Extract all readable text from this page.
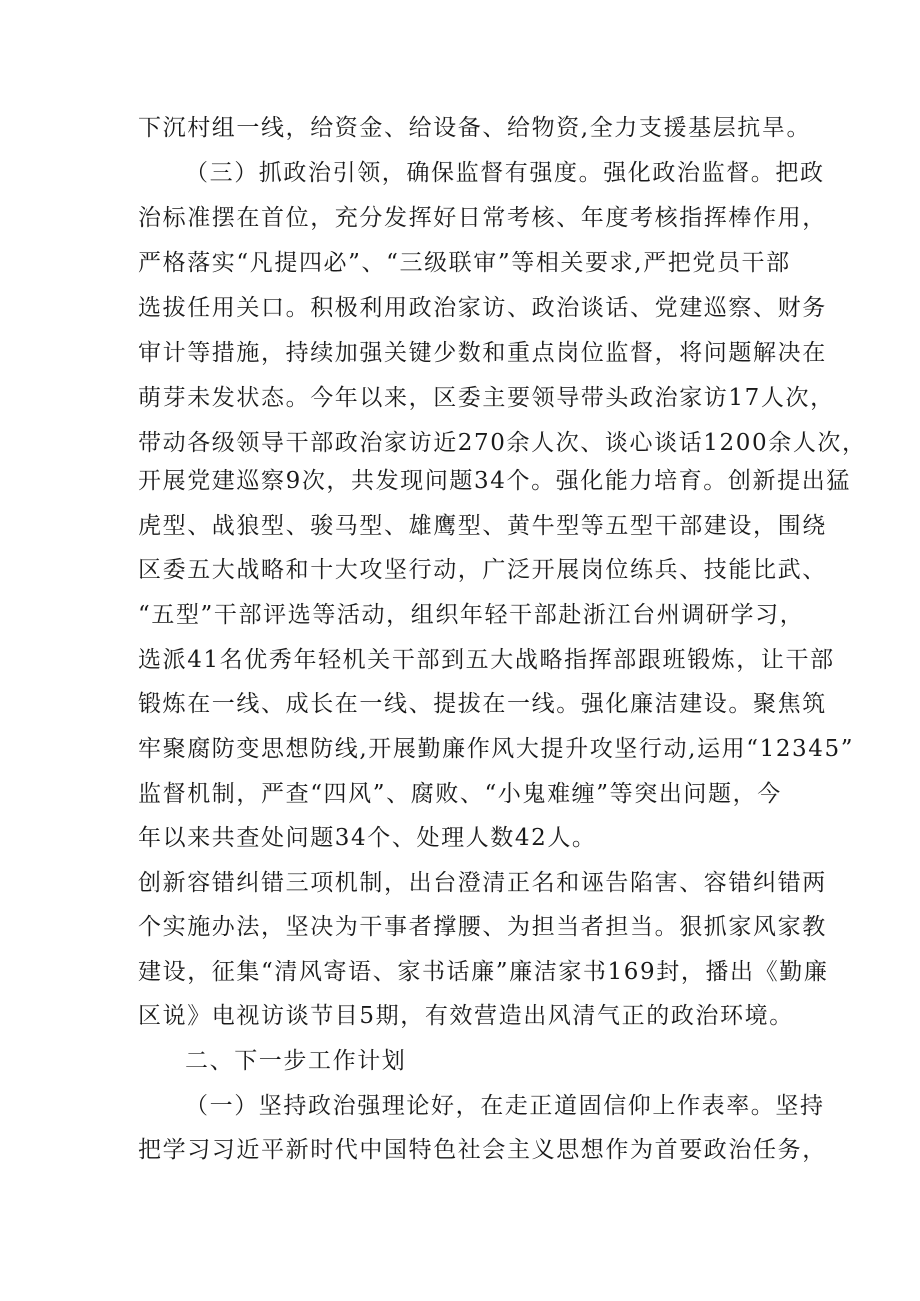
下沉村组一线，给资金、给设备、给物资,全力支援基层抗旱。
（三）抓政治引领，确保监督有强度。强化政治监督。把政
治标准摆在首位，充分发挥好日常考核、年度考核指挥棒作用，
严格落实“凡提四必”、“三级联审”等相关要求,严把党员干部
选拔任用关口。积极利用政治家访、政治谈话、党建巡察、财务
审计等措施，持续加强关键少数和重点岗位监督，将问题解决在
萌芽未发状态。今年以来，区委主要领导带头政治家访17人次，
带动各级领导干部政治家访近270余人次、谈心谈话1200余人次，
开展党建巡察9次，共发现问题34个。强化能力培育。创新提出猛
虎型、战狼型、骏马型、雄鹰型、黄牛型等五型干部建设，围绕
区委五大战略和十大攻坚行动，广泛开展岗位练兵、技能比武、
“五型”干部评选等活动，组织年轻干部赴浙江台州调研学习，
选派41名优秀年轻机关干部到五大战略指挥部跟班锻炼，让干部
锻炼在一线、成长在一线、提拔在一线。强化廉洁建设。聚焦筑
牢聚腐防变思想防线,开展勤廉作风大提升攻坚行动,运用“12345”
监督机制，严查“四风”、腐败、“小鬼难缠”等突出问题，今
年以来共查处问题34个、处理人数42人。
创新容错纠错三项机制，出台澄清正名和诬告陷害、容错纠错两
个实施办法，坚决为干事者撑腰、为担当者担当。狠抓家风家教
建设，征集“清风寄语、家书话廉”廉洁家书169封，播出《勤廉
区说》电视访谈节目5期，有效营造出风清气正的政治环境。
二、下一步工作计划
（一）坚持政治强理论好，在走正道固信仰上作表率。坚持
把学习习近平新时代中国特色社会主义思想作为首要政治任务，
